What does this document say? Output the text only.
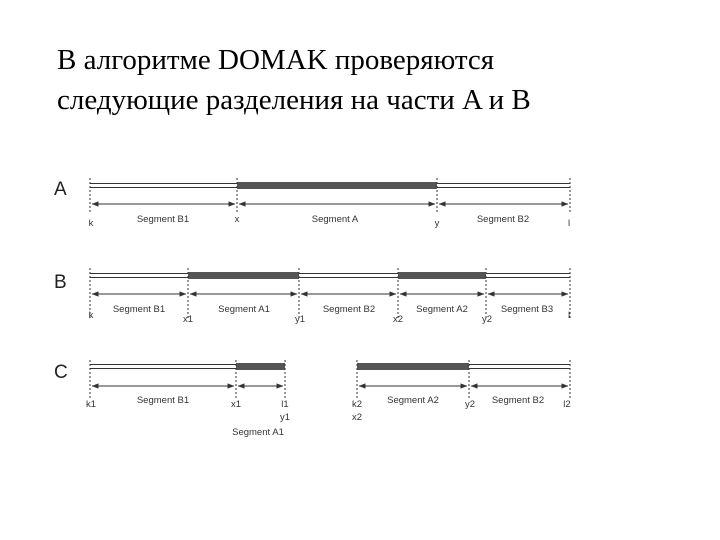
В алгоритме DOMAK проверяются
следующие разделения на части A и B
A
Segment B1	Segment A	Segment B2
k	x	y	l
B
Segment B1	Segment A1	Segment B2	Segment A2	Segment B3
k	x1	y1	x2	y2	l
C
Segment B1
k1	x1	l1
y1
Segment A1
Segment A2	Segment B2
k2
x2
y2	l2
